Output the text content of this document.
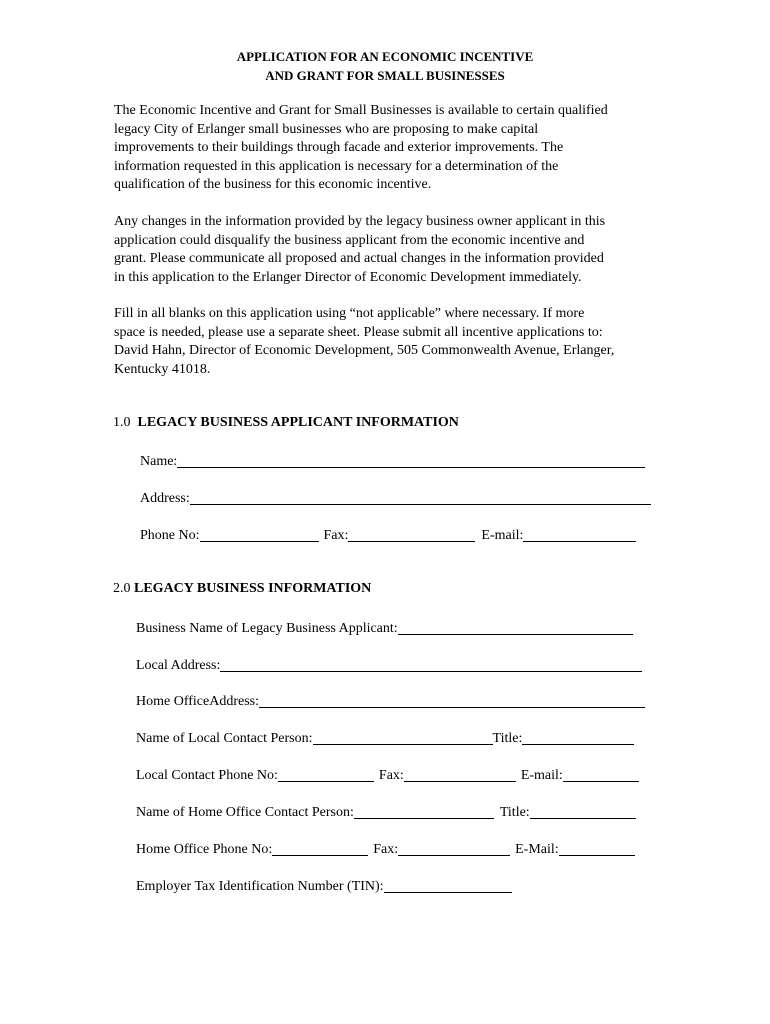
APPLICATION FOR AN ECONOMIC INCENTIVE
AND GRANT FOR SMALL BUSINESSES
The Economic Incentive and Grant for Small Businesses is available to certain qualified
legacy City of Erlanger small businesses who are proposing to make capital
improvements to their buildings through facade and exterior improvements. The
information requested in this application is necessary for a determination of the
qualification of the business for this economic incentive.
Any changes in the information provided by the legacy business owner applicant in this
application could disqualify the business applicant from the economic incentive and
grant. Please communicate all proposed and actual changes in the information provided
in this application to the Erlanger Director of Economic Development immediately.
Fill in all blanks on this application using “not applicable” where necessary. If more
space is needed, please use a separate sheet. Please submit all incentive applications to:
David Hahn, Director of Economic Development, 505 Commonwealth Avenue, Erlanger,
Kentucky 41018.
1.0 LEGACY BUSINESS APPLICANT INFORMATION
Name:
Address:
Phone No:	Fax:	E-mail:
2.0 LEGACY BUSINESS INFORMATION
Business Name of Legacy Business Applicant:
Local Address:
Home OfficeAddress:
Name of Local Contact Person:	Title:
Local Contact Phone No:	Fax:	E-mail:
Name of Home Office Contact Person:	Title:
Home Office Phone No:	Fax:	E-Mail:
Employer Tax Identification Number (TIN):
